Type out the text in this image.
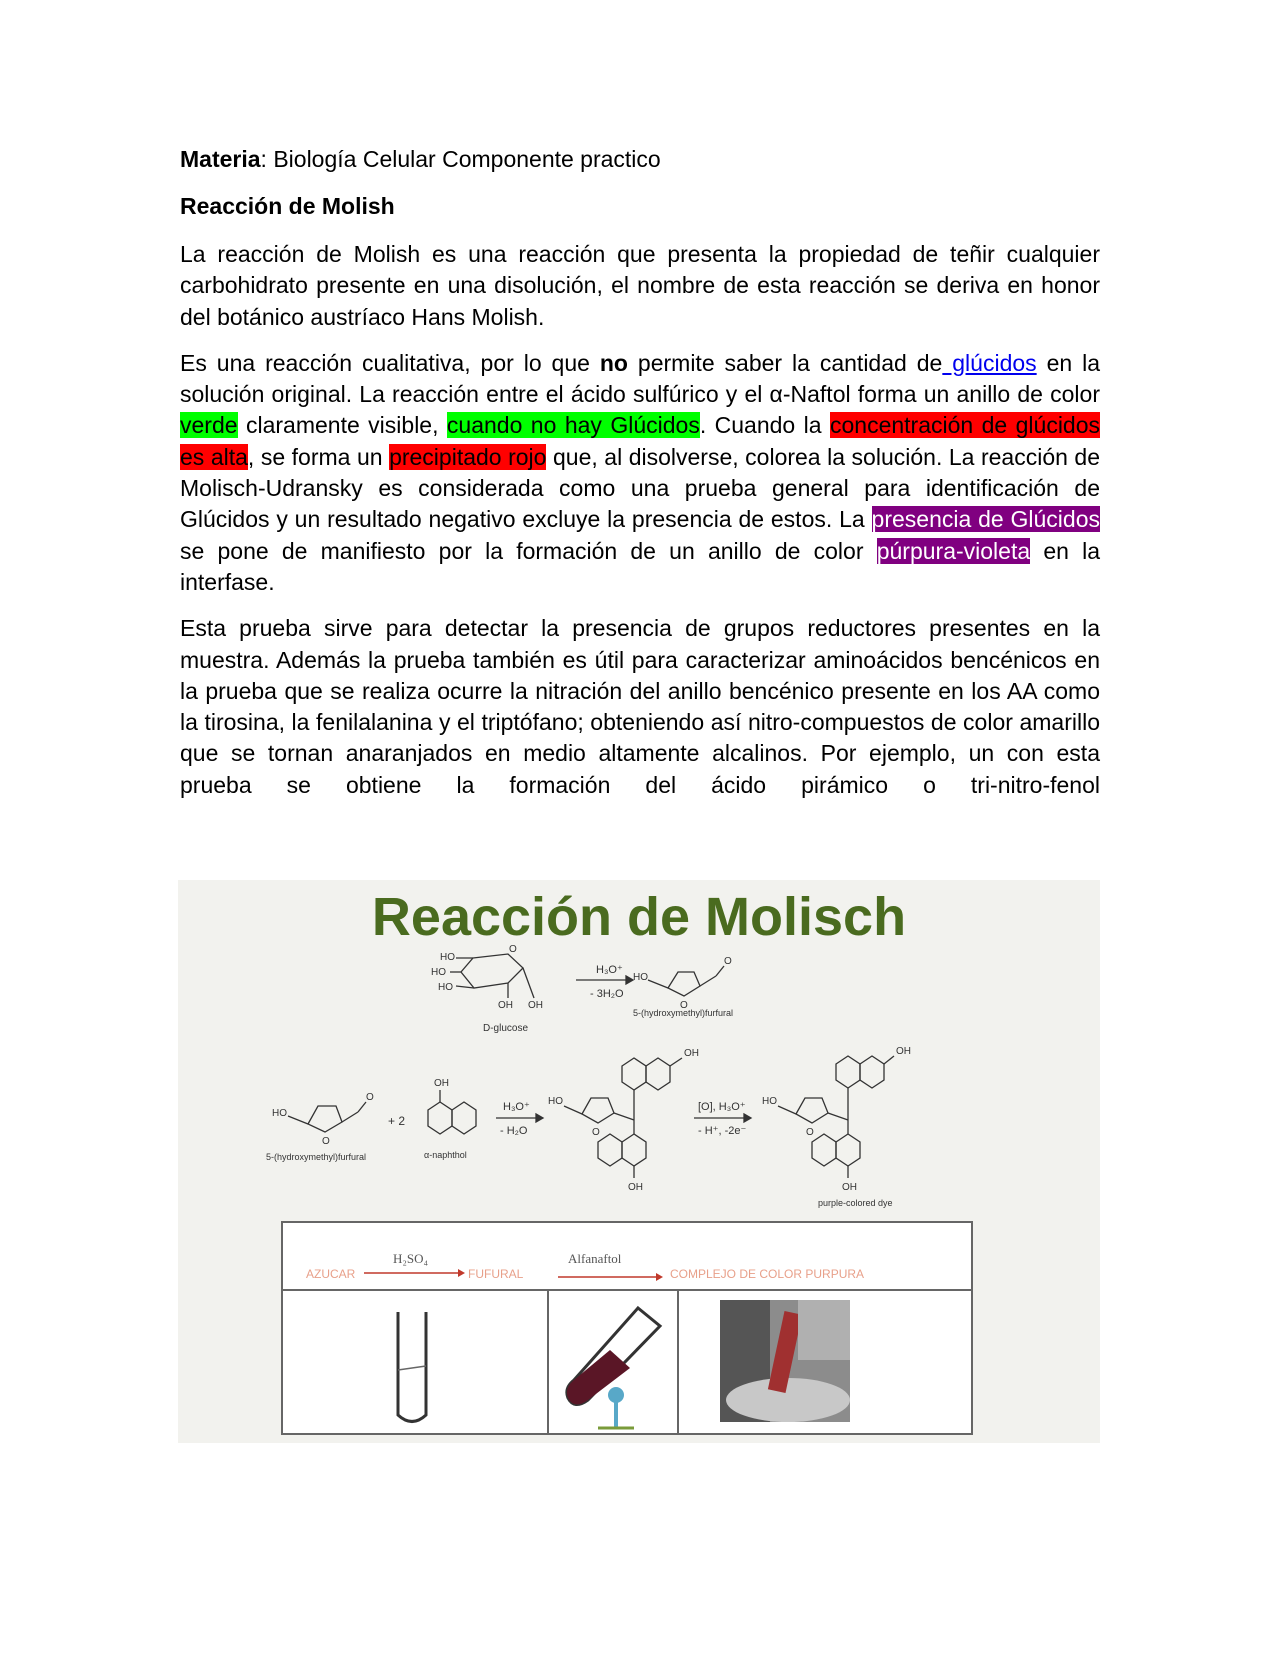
Materia: Biología Celular Componente practico

Reacción de Molish

La reacción de Molish es una reacción que presenta la propiedad de teñir cualquier carbohidrato presente en una disolución, el nombre de esta reacción se deriva en honor del botánico austríaco Hans Molish.

Es una reacción cualitativa, por lo que no permite saber la cantidad de glúcidos en la solución original. La reacción entre el ácido sulfúrico y el α-Naftol forma un anillo de color verde claramente visible, cuando no hay Glúcidos. Cuando la concentración de glúcidos es alta, se forma un precipitado rojo que, al disolverse, colorea la solución. La reacción de Molisch-Udransky es considerada como una prueba general para identificación de Glúcidos y un resultado negativo excluye la presencia de estos. La presencia de Glúcidos se pone de manifiesto por la formación de un anillo de color púrpura-violeta en la interfase.

Esta prueba sirve para detectar la presencia de grupos reductores presentes en la muestra. Además la prueba también es útil para caracterizar aminoácidos bencénicos en la prueba que se realiza ocurre la nitración del anillo bencénico presente en los AA como la tirosina, la fenilalanina y el triptófano; obteniendo así nitro-compuestos de color amarillo que se tornan anaranjados en medio altamente alcalinos. Por ejemplo, un con esta prueba se obtiene la formación del ácido pirámico o tri-nitro-fenol

HO
HO
HO
O
OH OH
D-glucose
H₃O⁺
- 3H₂O
HO
O
O
5-(hydroxymethyl)furfural
HO
O
O
5-(hydroxymethyl)furfural
+ 2
OH
α-naphthol
H₃O⁺
- H₂O
HO
O
OH
OH
[O], H₃O⁺
- H⁺, -2e⁻
HO
O
OH
OH
purple-colored dye
AZUCAR
H₂SO₄
FUFURAL
Alfanaftol
COMPLEJO DE COLOR PURPURA
Reacción de Molisch
